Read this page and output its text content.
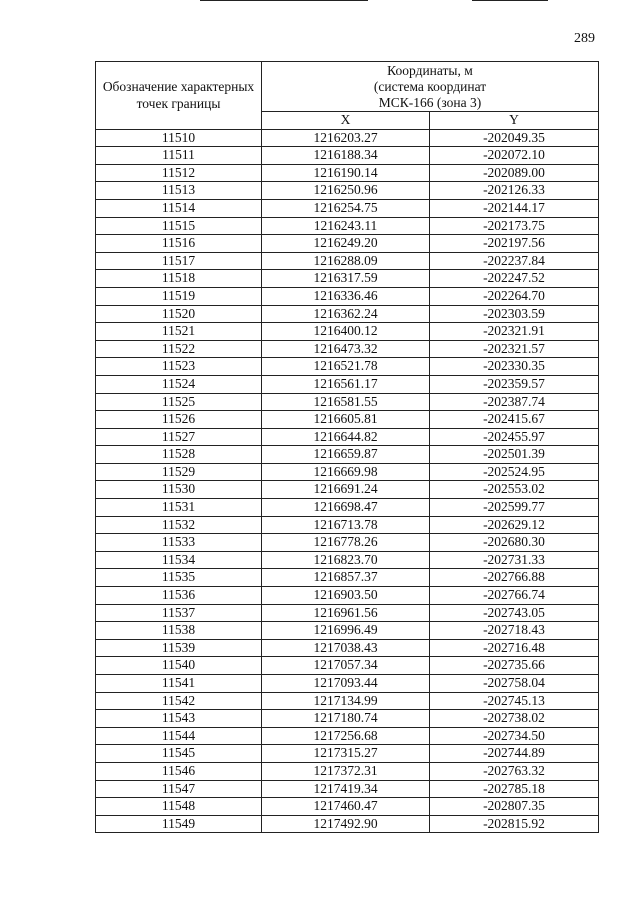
289
Обозначение характерных точек границы	Координаты, м
(система координат
МСК-166 (зона 3)	

	X	Y
11510	1216203.27	-202049.35
11511	1216188.34	-202072.10
11512	1216190.14	-202089.00
11513	1216250.96	-202126.33
11514	1216254.75	-202144.17
11515	1216243.11	-202173.75
11516	1216249.20	-202197.56
11517	1216288.09	-202237.84
11518	1216317.59	-202247.52
11519	1216336.46	-202264.70
11520	1216362.24	-202303.59
11521	1216400.12	-202321.91
11522	1216473.32	-202321.57
11523	1216521.78	-202330.35
11524	1216561.17	-202359.57
11525	1216581.55	-202387.74
11526	1216605.81	-202415.67
11527	1216644.82	-202455.97
11528	1216659.87	-202501.39
11529	1216669.98	-202524.95
11530	1216691.24	-202553.02
11531	1216698.47	-202599.77
11532	1216713.78	-202629.12
11533	1216778.26	-202680.30
11534	1216823.70	-202731.33
11535	1216857.37	-202766.88
11536	1216903.50	-202766.74
11537	1216961.56	-202743.05
11538	1216996.49	-202718.43
11539	1217038.43	-202716.48
11540	1217057.34	-202735.66
11541	1217093.44	-202758.04
11542	1217134.99	-202745.13
11543	1217180.74	-202738.02
11544	1217256.68	-202734.50
11545	1217315.27	-202744.89
11546	1217372.31	-202763.32
11547	1217419.34	-202785.18
11548	1217460.47	-202807.35
11549	1217492.90	-202815.92
